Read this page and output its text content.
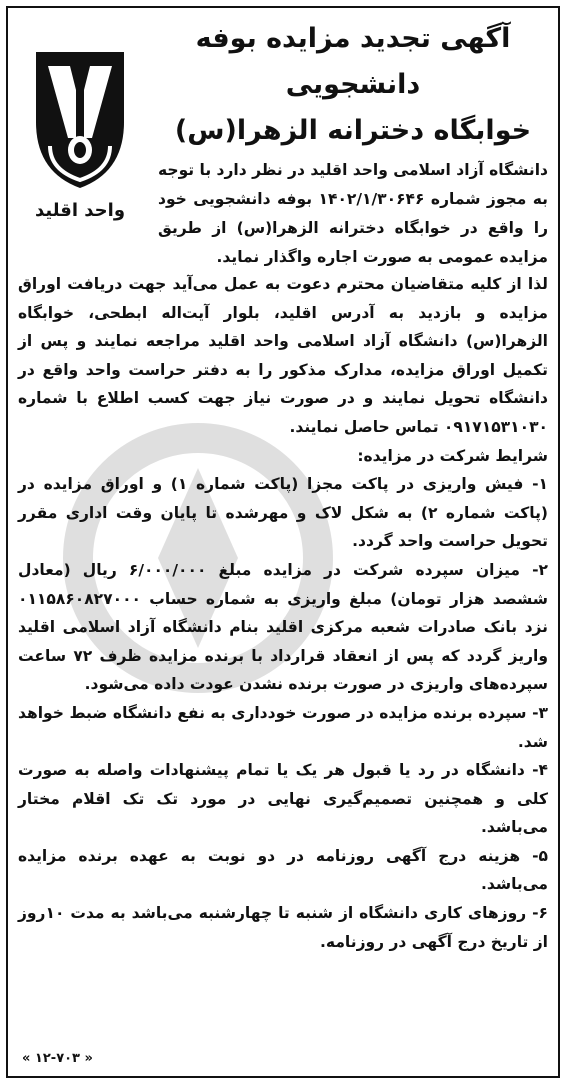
واحد اقلید
آگهی تجدید مزایده بوفه دانشجویی
خوابگاه دخترانه الزهرا(س)
دانشگاه آزاد اسلامی واحد اقلید در نظر دارد با توجه به مجوز شماره ۱۴۰۲/۱/۳۰۶۴۶ بوفه دانشجویی خود را واقع در خوابگاه دخترانه الزهرا(س) از طریق مزایده عمومی به صورت اجاره واگذار نماید.

لذا از کلیه متقاضیان محترم دعوت به عمل می‌آید جهت دریافت اوراق مزایده و بازدید به آدرس اقلید، بلوار آیت‌اله ابطحی، خوابگاه الزهرا(س) دانشگاه آزاد اسلامی واحد اقلید مراجعه نمایند و پس از تکمیل اوراق مزایده، مدارک مذکور را به دفتر حراست واحد واقع در دانشگاه تحویل نمایند و در صورت نیاز جهت کسب اطلاع با شماره ۰۹۱۷۱۵۳۱۰۳۰ تماس حاصل نمایند.

شرایط شرکت در مزایده:

۱- فیش واریزی در پاکت مجزا (پاکت شماره ۱) و اوراق مزایده در (پاکت شماره ۲) به شکل لاک و مهرشده تا پایان وقت اداری مقرر تحویل حراست واحد گردد.

۲- میزان سپرده شرکت در مزایده مبلغ ۶/۰۰۰/۰۰۰ ریال (معادل ششصد هزار تومان) مبلغ واریزی به شماره حساب ۰۱۱۵۸۶۰۸۲۷۰۰۰ نزد بانک صادرات شعبه مرکزی اقلید بنام دانشگاه آزاد اسلامی اقلید واریز گردد که پس از انعقاد قرارداد با برنده مزایده ظرف ۷۲ ساعت سپرده‌های واریزی در صورت برنده نشدن عودت داده می‌شود.

۳- سپرده برنده مزایده در صورت خودداری به نفع دانشگاه ضبط خواهد شد.

۴- دانشگاه در رد یا قبول هر یک یا تمام پیشنهادات واصله به صورت کلی و همچنین تصمیم‌گیری نهایی در مورد تک تک اقلام مختار می‌باشد.

۵- هزینه درج آگهی روزنامه در دو نوبت به عهده برنده مزایده می‌باشد.

۶- روزهای کاری دانشگاه از شنبه تا چهارشنبه می‌باشد به مدت ۱۰روز از تاریخ درج آگهی در روزنامه.

« ۱۲-۷۰۳ »
